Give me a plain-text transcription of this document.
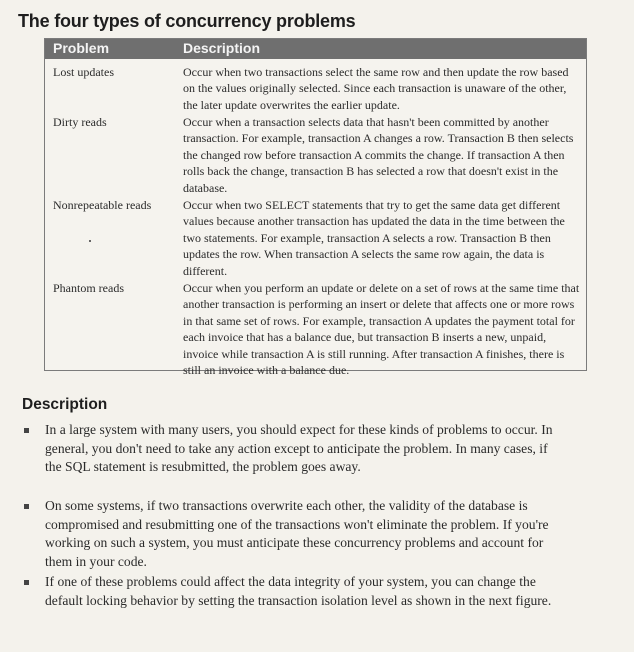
The four types of concurrency problems
Problem	Description
Lost updates	Occur when two transactions select the same row and then update the row based on the values originally selected. Since each transaction is unaware of the other, the later update overwrites the earlier update.
Dirty reads	Occur when a transaction selects data that hasn't been committed by another transaction. For example, transaction A changes a row. Transaction B then selects the changed row before transaction A commits the change. If transaction A then rolls back the change, transaction B has selected a row that doesn't exist in the database.
Nonrepeatable reads	Occur when two SELECT statements that try to get the same data get different values because another transaction has updated the data in the time between the two statements. For example, transaction A selects a row. Transaction B then updates the row. When transaction A selects the same row again, the data is different.
Phantom reads	Occur when you perform an update or delete on a set of rows at the same time that another transaction is performing an insert or delete that affects one or more rows in that same set of rows. For example, transaction A updates the payment total for each invoice that has a balance due, but transaction B inserts a new, unpaid, invoice while transaction A is still running. After transaction A finishes, there is still an invoice with a balance due.
Description
In a large system with many users, you should expect for these kinds of problems to occur. In general, you don't need to take any action except to anticipate the problem. In many cases, if the SQL statement is resubmitted, the problem goes away.
On some systems, if two transactions overwrite each other, the validity of the database is compromised and resubmitting one of the transactions won't eliminate the problem. If you're working on such a system, you must anticipate these concurrency problems and account for them in your code.
If one of these problems could affect the data integrity of your system, you can change the default locking behavior by setting the transaction isolation level as shown in the next figure.
